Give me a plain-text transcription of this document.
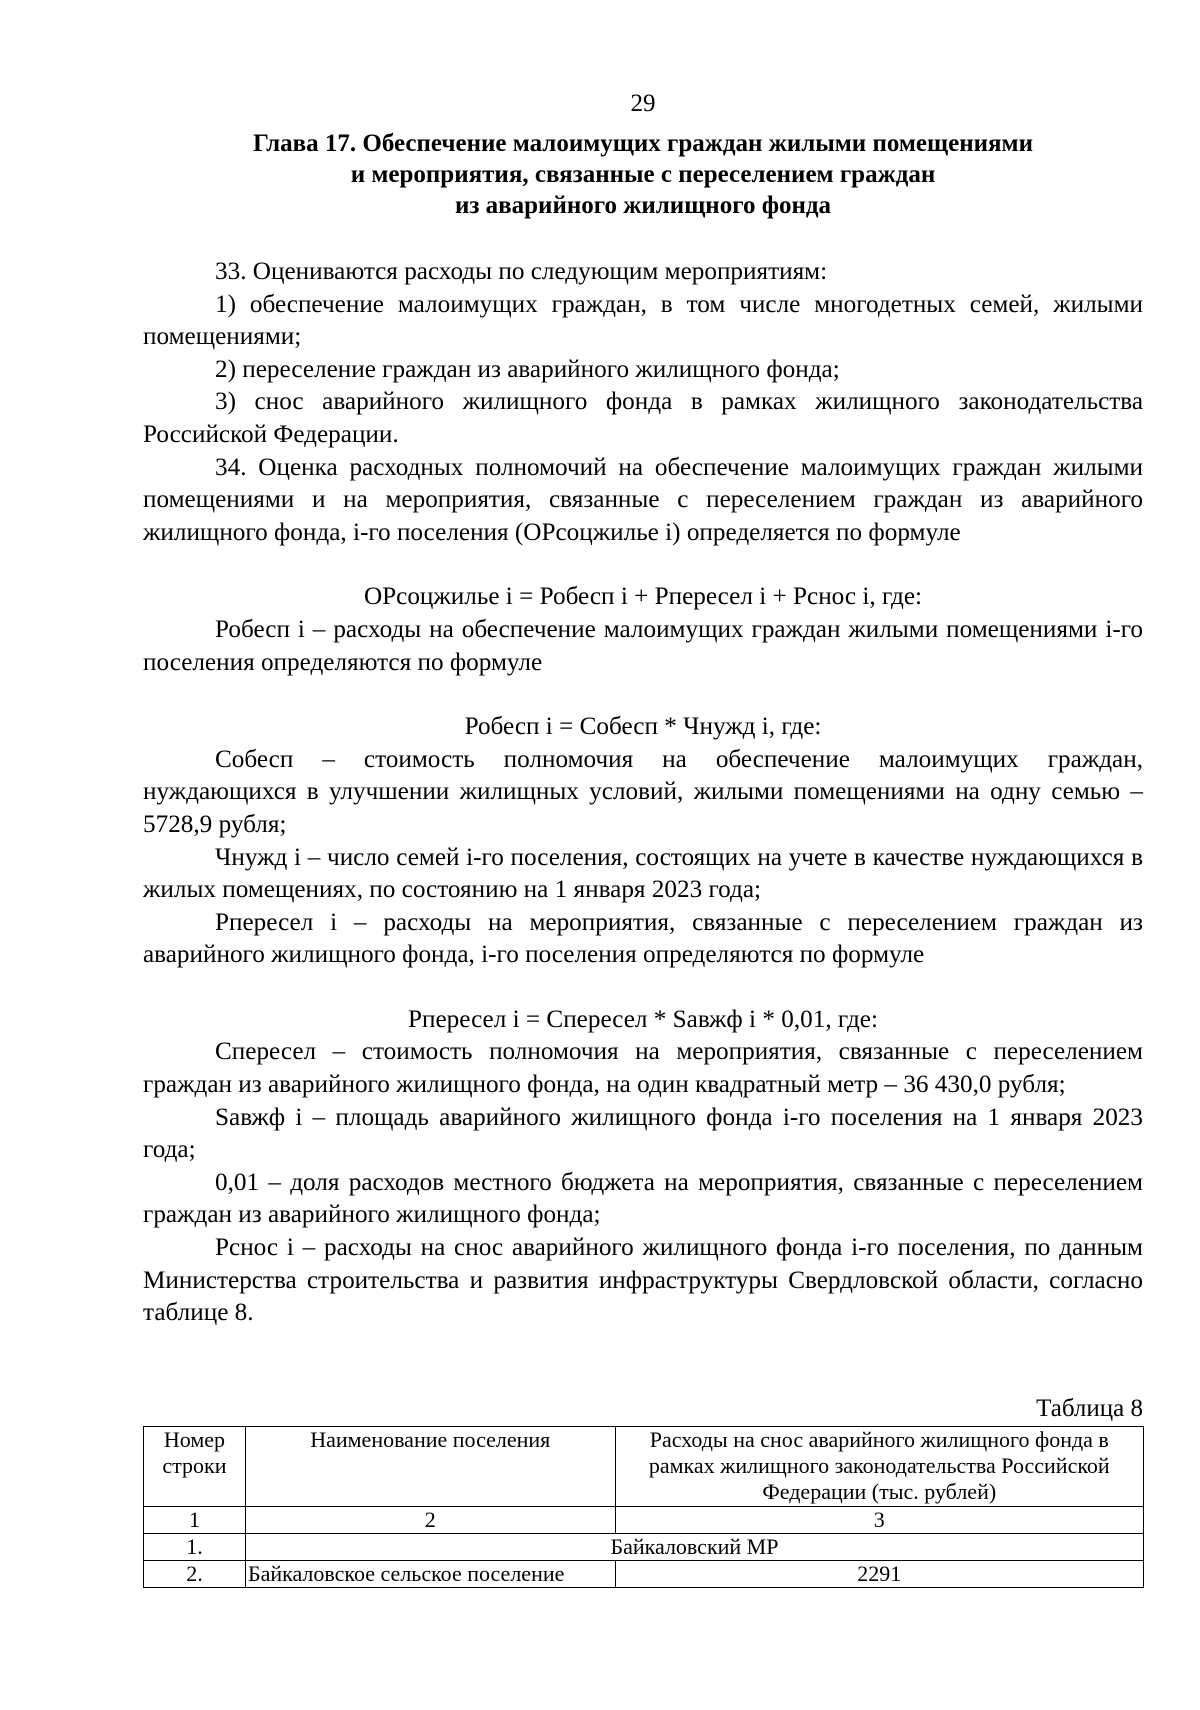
29
Глава 17. Обеспечение малоимущих граждан жилыми помещениями
и мероприятия, связанные с переселением граждан
из аварийного жилищного фонда

33. Оцениваются расходы по следующим мероприятиям:

1) обеспечение малоимущих граждан, в том числе многодетных семей, жилыми помещениями;

2) переселение граждан из аварийного жилищного фонда;

3) снос аварийного жилищного фонда в рамках жилищного законодательства Российской Федерации.

34. Оценка расходных полномочий на обеспечение малоимущих граждан жилыми помещениями и на мероприятия, связанные с переселением граждан из аварийного жилищного фонда, i-го поселения (ОРсоцжилье i) определяется по формуле

ОРсоцжилье i = Робесп i + Рпересел i + Рснос i, где:

Робесп i – расходы на обеспечение малоимущих граждан жилыми помещениями i-го поселения определяются по формуле

Робесп i = Собесп * Чнужд i, где:

Собесп – стоимость полномочия на обеспечение малоимущих граждан, нуждающихся в улучшении жилищных условий, жилыми помещениями на одну семью – 5728,9 рубля;

Чнужд i – число семей i-го поселения, состоящих на учете в качестве нуждающихся в жилых помещениях, по состоянию на 1 января 2023 года;

Рпересел i – расходы на мероприятия, связанные с переселением граждан из аварийного жилищного фонда, i-го поселения определяются по формуле

Рпересел i = Спересел * Sавжф i * 0,01, где:

Спересел – стоимость полномочия на мероприятия, связанные с переселением граждан из аварийного жилищного фонда, на один квадратный метр – 36 430,0 рубля;

Sавжф i – площадь аварийного жилищного фонда i-го поселения на 1 января 2023 года;

0,01 – доля расходов местного бюджета на мероприятия, связанные с переселением граждан из аварийного жилищного фонда;

Рснос i – расходы на снос аварийного жилищного фонда i-го поселения, по данным Министерства строительства и развития инфраструктуры Свердловской области, согласно таблице 8.

Таблица 8
Номер строки	Наименование поселения	Расходы на снос аварийного жилищного фонда в рамках жилищного законодательства Российской Федерации (тыс. рублей)
1	2	3
1.	Байкаловский МР	
2.	Байкаловское сельское поселение	2291
